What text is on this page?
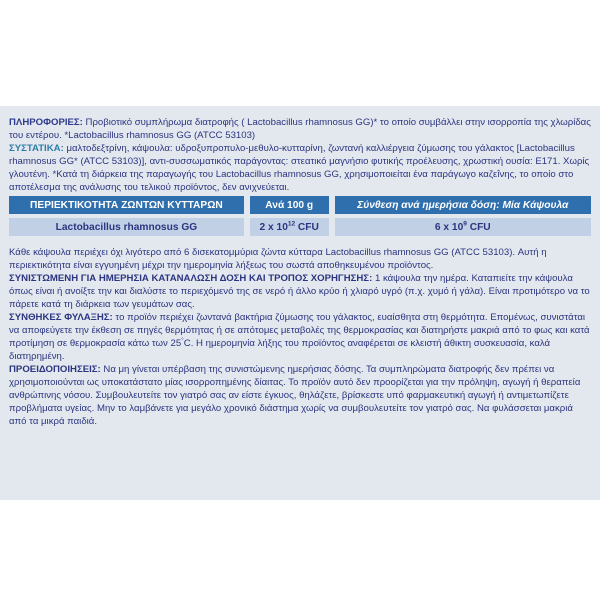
ΠΛΗΡΟΦΟΡΙΕΣ: Προβιοτικό συμπλήρωμα διατροφής ( Lactobacillus rhamnosus GG)* το οποίο συμβάλλει στην ισορροπία της χλωρίδας του εντέρου. *Lactobacillus rhamnosus GG (ATCC 53103)

ΣΥΣΤΑΤΙΚΑ: μαλτοδεξτρίνη, κάψουλα: υδροξυπροπυλο-μεθυλο-κυτταρίνη, ζωντανή καλλιέργεια ζύμωσης του γάλακτος [Lactobacillus rhamnosus GG* (ATCC 53103)], αντι-συσσωματικός παράγοντας: στεατικό μαγνήσιο φυτικής προέλευσης, χρωστική ουσία: Ε171. Χωρίς γλουτένη. *Κατά τη διάρκεια της παραγωγής του Lactobacillus rhamnosus GG, χρησιμοποιείται ένα παράγωγο καζεΐνης, το οποίο στο αποτέλεσμα της ανάλυσης του τελικού προϊόντος, δεν ανιχνεύεται.

ΠΕΡΙΕΚΤΙΚΟΤΗΤΑ ΖΩΝΤΩΝ ΚΥΤΤΑΡΩΝ	Ανά 100 g	Σύνθεση ανά ημερήσια δόση: Μία Κάψουλα
Lactobacillus rhamnosus GG	2 x $10^{12}$ CFU	6 x $10^9$ CFU

Κάθε κάψουλα περιέχει όχι λιγότερο από 6 δισεκατομμύρια ζώντα κύτταρα Lactobacillus rhamnosus GG (ATCC 53103). Αυτή η περιεκτικότητα είναι εγγυημένη μέχρι την ημερομηνία λήξεως του σωστά αποθηκευμένου προϊόντος.

ΣΥΝΙΣΤΩΜΕΝΗ ΓΙΑ ΗΜΕΡΗΣΙΑ ΚΑΤΑΝΑΛΩΣΗ ΔΟΣΗ ΚΑΙ ΤΡΟΠΟΣ ΧΟΡΗΓΗΣΗΣ: 1 κάψουλα την ημέρα. Καταπιείτε την κάψουλα όπως είναι ή ανοίξτε την και διαλύστε το περιεχόμενό της σε νερό ή άλλο κρύο ή χλιαρό υγρό (π.χ. χυμό ή γάλα). Είναι προτιμότερο να το πάρετε κατά τη διάρκεια των γευμάτων σας.

ΣΥΝΘΗΚΕΣ ΦΥΛΑΞΗΣ: το προϊόν περιέχει ζωντανά βακτήρια ζύμωσης του γάλακτος, ευαίσθητα στη θερμότητα. Επομένως, συνιστάται να αποφεύγετε την έκθεση σε πηγές θερμότητας ή σε απότομες μεταβολές της θερμοκρασίας και διατηρήστε μακριά από το φως και κατά προτίμηση σε θερμοκρασία κάτω των 25°C. Η ημερομηνία λήξης του προϊόντος αναφέρεται σε κλειστή άθικτη συσκευασία, καλά διατηρημένη.

ΠΡΟΕΙΔΟΠΟΙΗΣΕΙΣ: Να μη γίνεται υπέρβαση της συνιστώμενης ημερήσιας δόσης. Τα συμπληρώματα διατροφής δεν πρέπει να χρησιμοποιούνται ως υποκατάστατο μίας ισορροπημένης δίαιτας. Το προϊόν αυτό δεν προορίζεται για την πρόληψη, αγωγή ή θεραπεία ανθρώπινης νόσου. Συμβουλευτείτε τον γιατρό σας αν είστε έγκυος, θηλάζετε, βρίσκεστε υπό φαρμακευτική αγωγή ή αντιμετωπίζετε προβλήματα υγείας. Μην το λαμβάνετε για μεγάλο χρονικό διάστημα χωρίς να συμβουλευτείτε τον γιατρό σας. Να φυλάσσεται μακριά από τα μικρά παιδιά.
